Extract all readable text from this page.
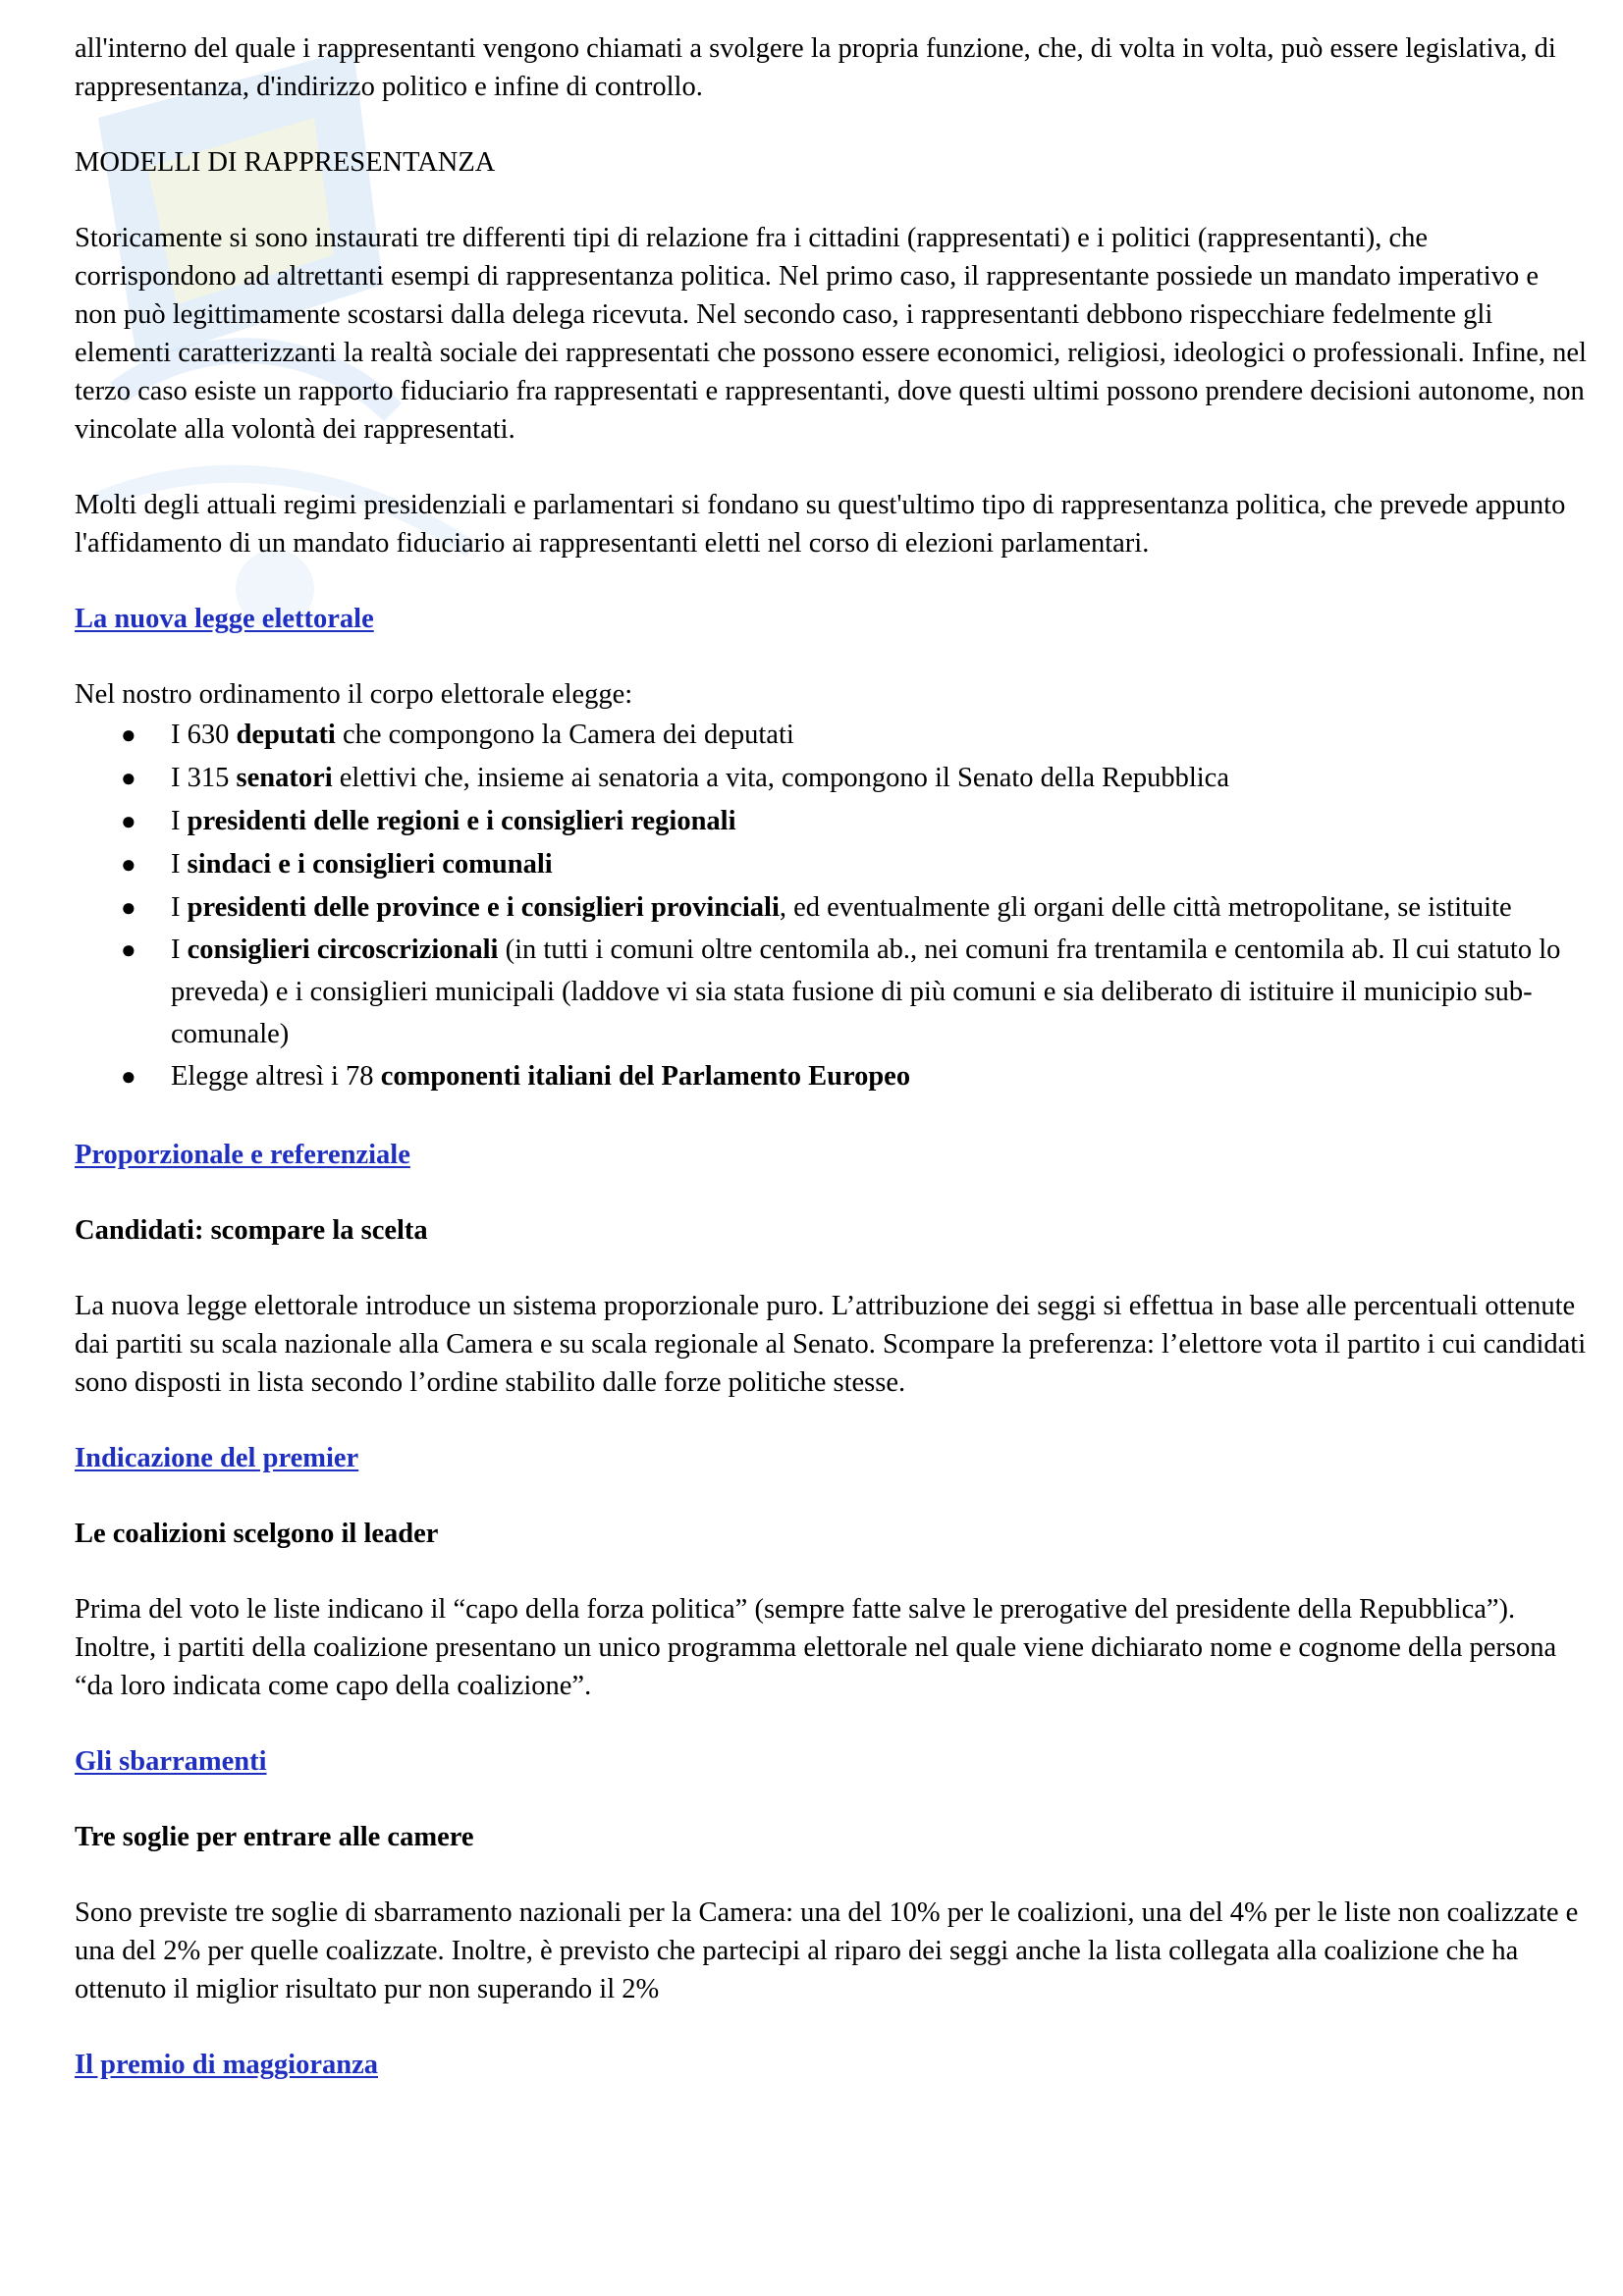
all'interno del quale i rappresentanti vengono chiamati a svolgere la propria funzione, che, di volta in volta, può essere legislativa, di rappresentanza, d'indirizzo politico e infine di controllo.

MODELLI DI RAPPRESENTANZA

Storicamente si sono instaurati tre differenti tipi di relazione fra i cittadini (rappresentati) e i politici (rappresentanti), che corrispondono ad altrettanti esempi di rappresentanza politica. Nel primo caso, il rappresentante possiede un mandato imperativo e non può legittimamente scostarsi dalla delega ricevuta. Nel secondo caso, i rappresentanti debbono rispecchiare fedelmente gli elementi caratterizzanti la realtà sociale dei rappresentati che possono essere economici, religiosi, ideologici o professionali. Infine, nel terzo caso esiste un rapporto fiduciario fra rappresentati e rappresentanti, dove questi ultimi possono prendere decisioni autonome, non vincolate alla volontà dei rappresentati.

Molti degli attuali regimi presidenziali e parlamentari si fondano su quest'ultimo tipo di rappresentanza politica, che prevede appunto l'affidamento di un mandato fiduciario ai rappresentanti eletti nel corso di elezioni parlamentari.

La nuova legge elettorale

Nel nostro ordinamento il corpo elettorale elegge:

● I 630 deputati che compongono la Camera dei deputati
● I 315 senatori elettivi che, insieme ai senatoria a vita, compongono il Senato della Repubblica
● I presidenti delle regioni e i consiglieri regionali
● I sindaci e i consiglieri comunali
● I presidenti delle province e i consiglieri provinciali, ed eventualmente gli organi delle città metropolitane, se istituite
● I consiglieri circoscrizionali (in tutti i comuni oltre centomila ab., nei comuni fra trentamila e centomila ab. Il cui statuto lo preveda) e i consiglieri municipali (laddove vi sia stata fusione di più comuni e sia deliberato di istituire il municipio sub- comunale)
● Elegge altresì i 78 componenti italiani del Parlamento Europeo

Proporzionale e referenziale

Candidati: scompare la scelta

La nuova legge elettorale introduce un sistema proporzionale puro. L’attribuzione dei seggi si effettua in base alle percentuali ottenute dai partiti su scala nazionale alla Camera e su scala regionale al Senato. Scompare la preferenza: l’elettore vota il partito i cui candidati sono disposti in lista secondo l’ordine stabilito dalle forze politiche stesse.

Indicazione del premier

Le coalizioni scelgono il leader

Prima del voto le liste indicano il “capo della forza politica” (sempre fatte salve le prerogative del presidente della Repubblica”). Inoltre, i partiti della coalizione presentano un unico programma elettorale nel quale viene dichiarato nome e cognome della persona “da loro indicata come capo della coalizione”.

Gli sbarramenti

Tre soglie per entrare alle camere

Sono previste tre soglie di sbarramento nazionali per la Camera: una del 10% per le coalizioni, una del 4% per le liste non coalizzate e una del 2% per quelle coalizzate. Inoltre, è previsto che partecipi al riparo dei seggi anche la lista collegata alla coalizione che ha ottenuto il miglior risultato pur non superando il 2%

Il premio di maggioranza
